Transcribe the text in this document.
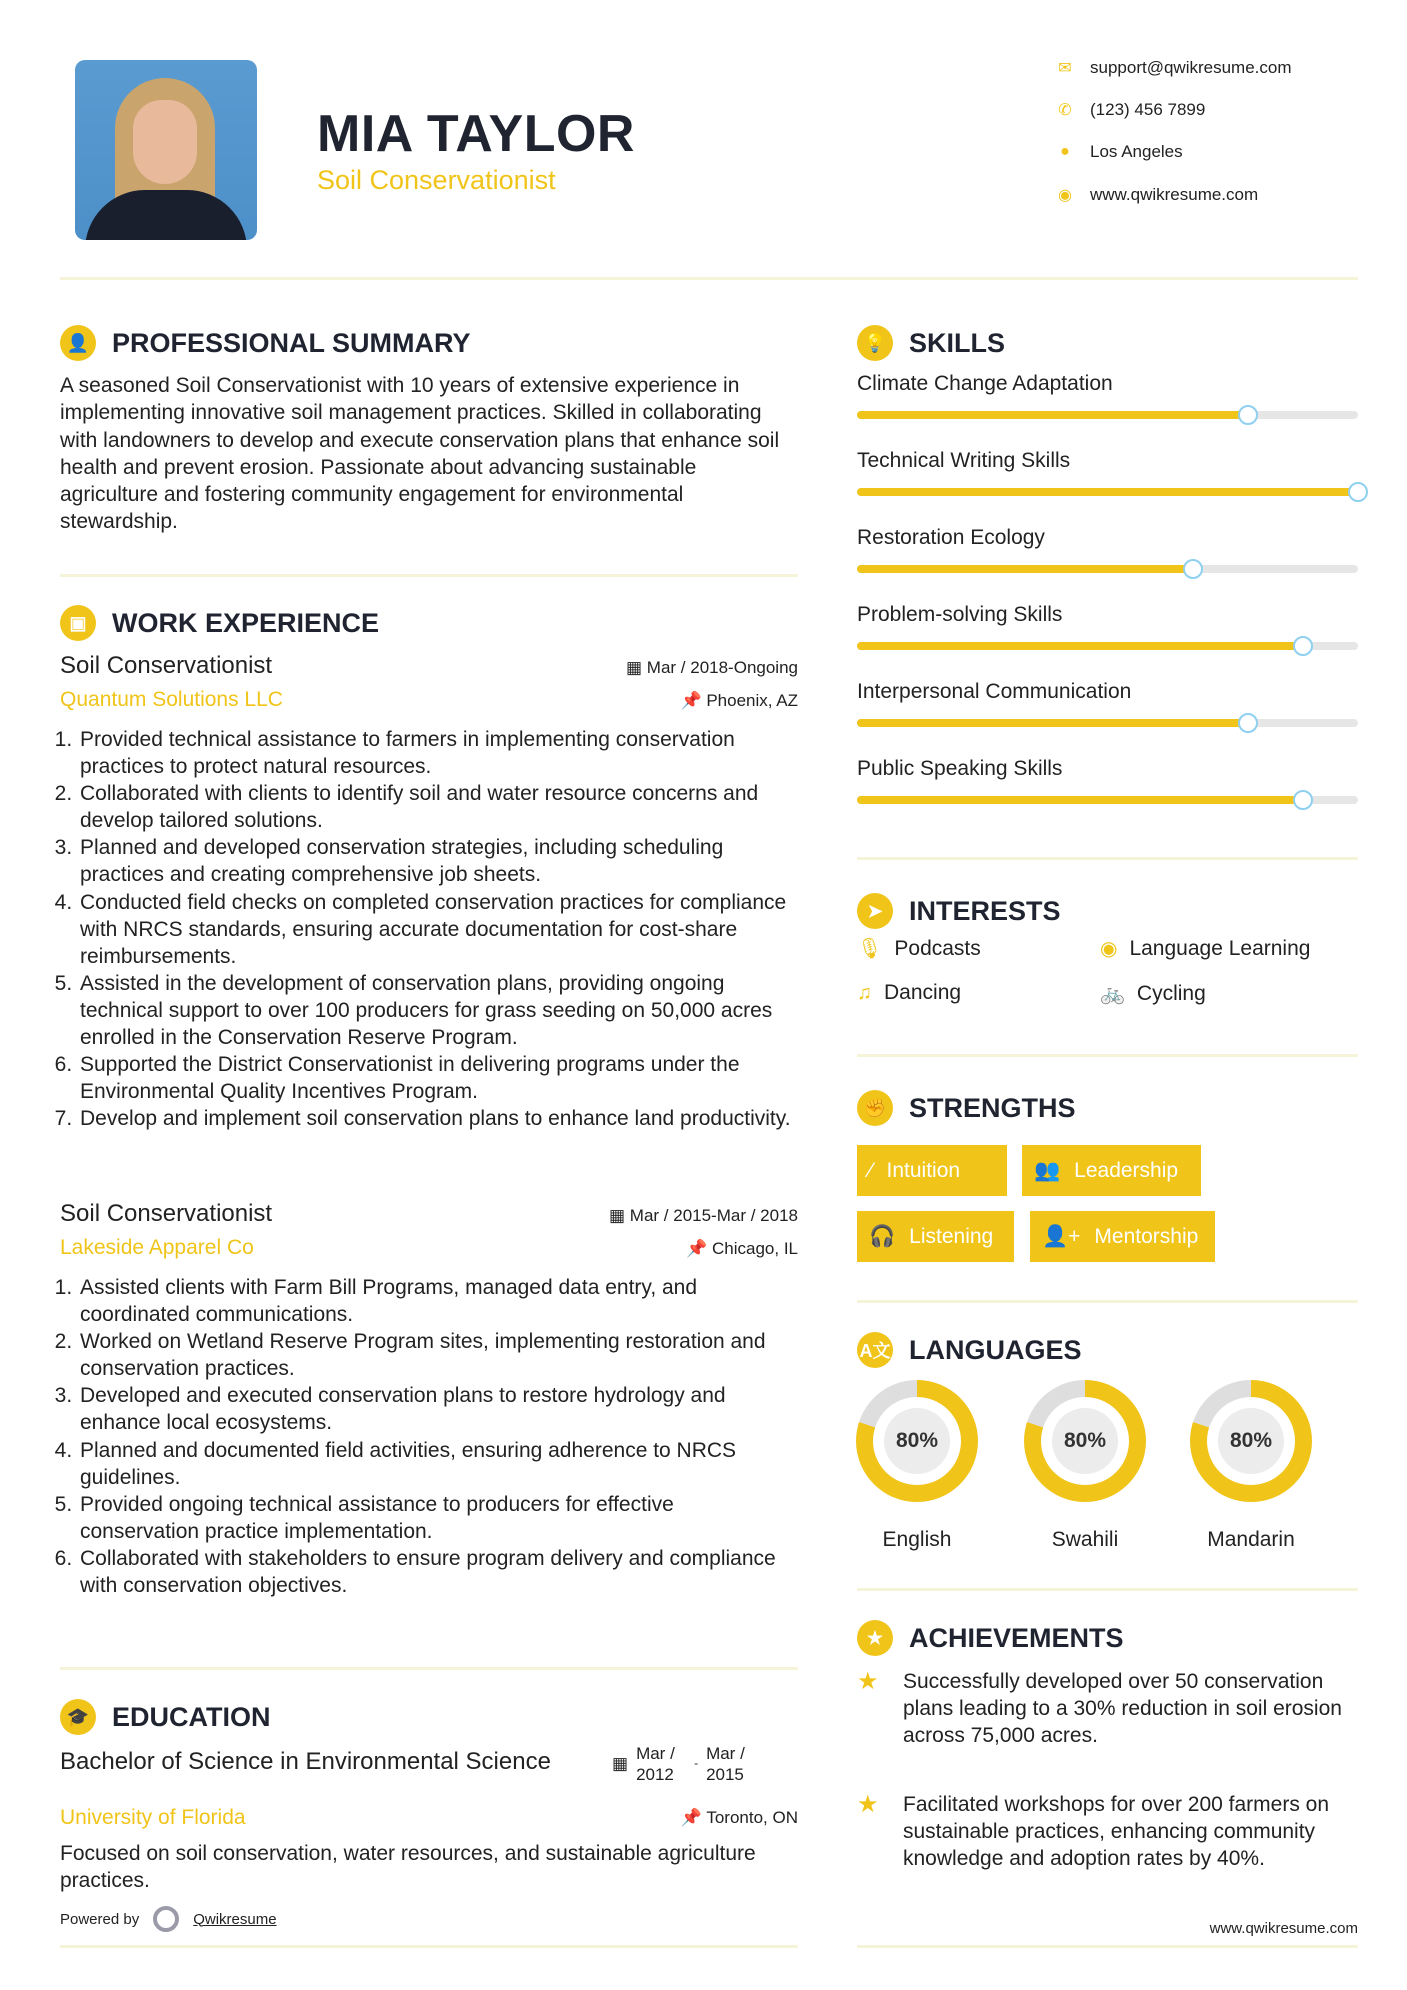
MIA TAYLOR
Soil Conservationist
✉ support@qwikresume.com
✆ (123) 456 7899
● Los Angeles
◉ www.qwikresume.com
👤 PROFESSIONAL SUMMARY
A seasoned Soil Conservationist with 10 years of extensive experience in implementing innovative soil management practices. Skilled in collaborating with landowners to develop and execute conservation plans that enhance soil health and prevent erosion. Passionate about advancing sustainable agriculture and fostering community engagement for environmental stewardship.
▣ WORK EXPERIENCE
Soil Conservationist	▦ Mar / 2018-Ongoing
Quantum Solutions LLC	📌 Phoenix, AZ
1. Provided technical assistance to farmers in implementing conservation practices to protect natural resources.
2. Collaborated with clients to identify soil and water resource concerns and develop tailored solutions.
3. Planned and developed conservation strategies, including scheduling practices and creating comprehensive job sheets.
4. Conducted field checks on completed conservation practices for compliance with NRCS standards, ensuring accurate documentation for cost-share reimbursements.
5. Assisted in the development of conservation plans, providing ongoing technical support to over 100 producers for grass seeding on 50,000 acres enrolled in the Conservation Reserve Program.
6. Supported the District Conservationist in delivering programs under the Environmental Quality Incentives Program.
7. Develop and implement soil conservation plans to enhance land productivity.
Soil Conservationist	▦ Mar / 2015-Mar / 2018
Lakeside Apparel Co	📌 Chicago, IL
1. Assisted clients with Farm Bill Programs, managed data entry, and coordinated communications.
2. Worked on Wetland Reserve Program sites, implementing restoration and conservation practices.
3. Developed and executed conservation plans to restore hydrology and enhance local ecosystems.
4. Planned and documented field activities, ensuring adherence to NRCS guidelines.
5. Provided ongoing technical assistance to producers for effective conservation practice implementation.
6. Collaborated with stakeholders to ensure program delivery and compliance with conservation objectives.
🎓 EDUCATION
Bachelor of Science in Environmental Science	▦
Mar / 2012
- Mar / 2015
University of Florida	📌 Toronto, ON
Focused on soil conservation, water resources, and sustainable agriculture practices.
Powered by	Qwikresume
💡 SKILLS
Climate Change Adaptation
Technical Writing Skills
Restoration Ecology
Problem-solving Skills
Interpersonal Communication
Public Speaking Skills
➤ INTERESTS
🎙 Podcasts	◉ Language Learning
♫ Dancing	🚲 Cycling
✊ STRENGTHS
⁄ Intuition	👥 Leadership
🎧 Listening 👤+ Mentorship
A文 LANGUAGES
80%
English
80%
Swahili
80%
Mandarin
★ ACHIEVEMENTS
★	Successfully developed over 50 conservation plans leading to a 30% reduction in soil erosion across 75,000 acres.
★	Facilitated workshops for over 200 farmers on sustainable practices, enhancing community knowledge and adoption rates by 40%.
www.qwikresume.com
